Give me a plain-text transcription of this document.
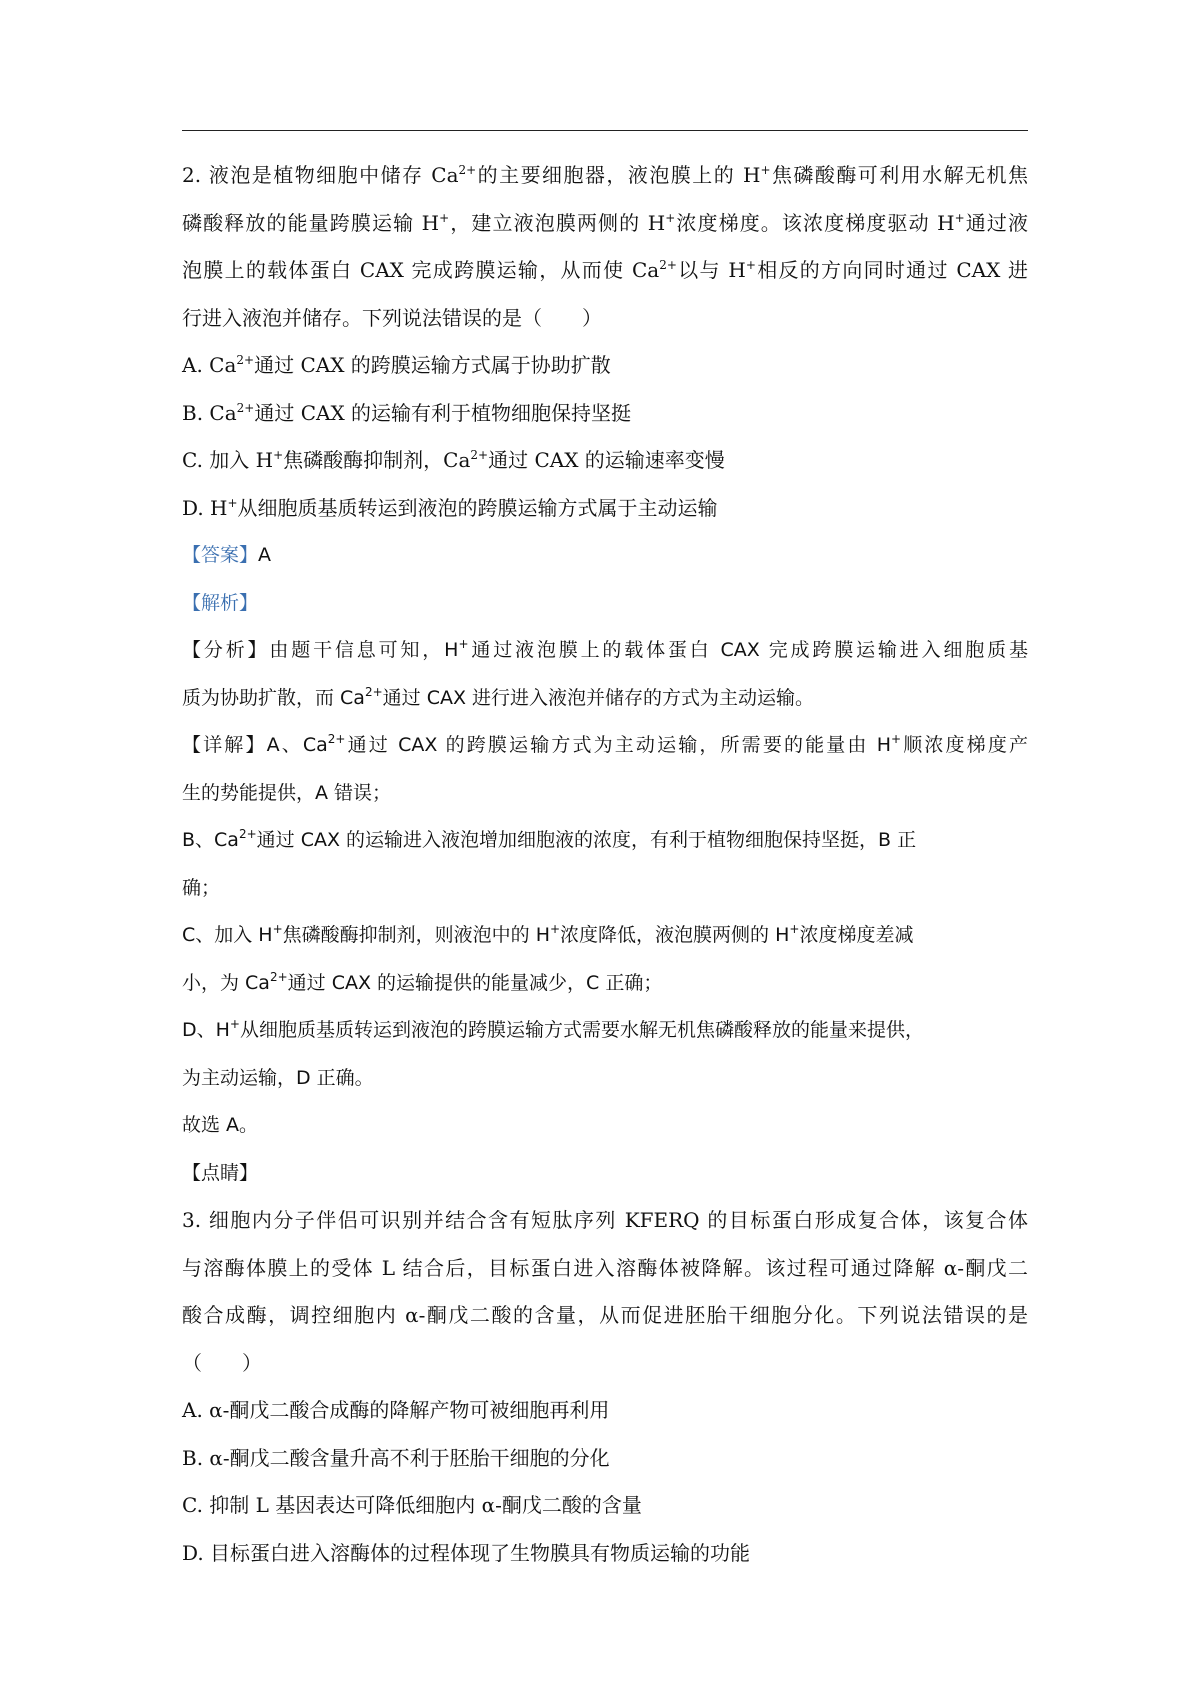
2. 液泡是植物细胞中储存 $Ca^{2+}$的主要细胞器，液泡膜上的 H+焦磷酸酶可利用水解无机焦
磷酸释放的能量跨膜运输 H+，建立液泡膜两侧的 H+浓度梯度。该浓度梯度驱动 H+通过液
泡膜上的载体蛋白 CAX 完成跨膜运输，从而使 $Ca^{2+}$以与 H+相反的方向同时通过 CAX 进
行进入液泡并储存。下列说法错误的是（　　）
A. $Ca^{2+}$通过 CAX 的跨膜运输方式属于协助扩散
B. $Ca^{2+}$通过 CAX 的运输有利于植物细胞保持坚挺
C. 加入 H+焦磷酸酶抑制剂，$Ca^{2+}$通过 CAX 的运输速率变慢
D. H+从细胞质基质转运到液泡的跨膜运输方式属于主动运输
【答案】A
【解析】
【分析】由题干信息可知，H+通过液泡膜上的载体蛋白 CAX 完成跨膜运输进入细胞质基
质为协助扩散，而 $Ca^{2+}$通过 CAX 进行进入液泡并储存的方式为主动运输。
【详解】A、$Ca^{2+}$通过 CAX 的跨膜运输方式为主动运输，所需要的能量由 H+顺浓度梯度产
生的势能提供，A 错误；
B、$Ca^{2+}$通过 CAX 的运输进入液泡增加细胞液的浓度，有利于植物细胞保持坚挺，B 正
确；
C、加入 H+焦磷酸酶抑制剂，则液泡中的 H+浓度降低，液泡膜两侧的 H+浓度梯度差减
小，为 $Ca^{2+}$通过 CAX 的运输提供的能量减少，C 正确；
D、H+从细胞质基质转运到液泡的跨膜运输方式需要水解无机焦磷酸释放的能量来提供，
为主动运输，D 正确。
故选 A。
【点睛】
3. 细胞内分子伴侣可识别并结合含有短肽序列 KFERQ 的目标蛋白形成复合体，该复合体
与溶酶体膜上的受体 L 结合后，目标蛋白进入溶酶体被降解。该过程可通过降解 α-酮戊二
酸合成酶，调控细胞内 α-酮戊二酸的含量，从而促进胚胎干细胞分化。下列说法错误的是
（　　）
A. α-酮戊二酸合成酶的降解产物可被细胞再利用
B. α-酮戊二酸含量升高不利于胚胎干细胞的分化
C. 抑制 L 基因表达可降低细胞内 α-酮戊二酸的含量
D. 目标蛋白进入溶酶体的过程体现了生物膜具有物质运输的功能
